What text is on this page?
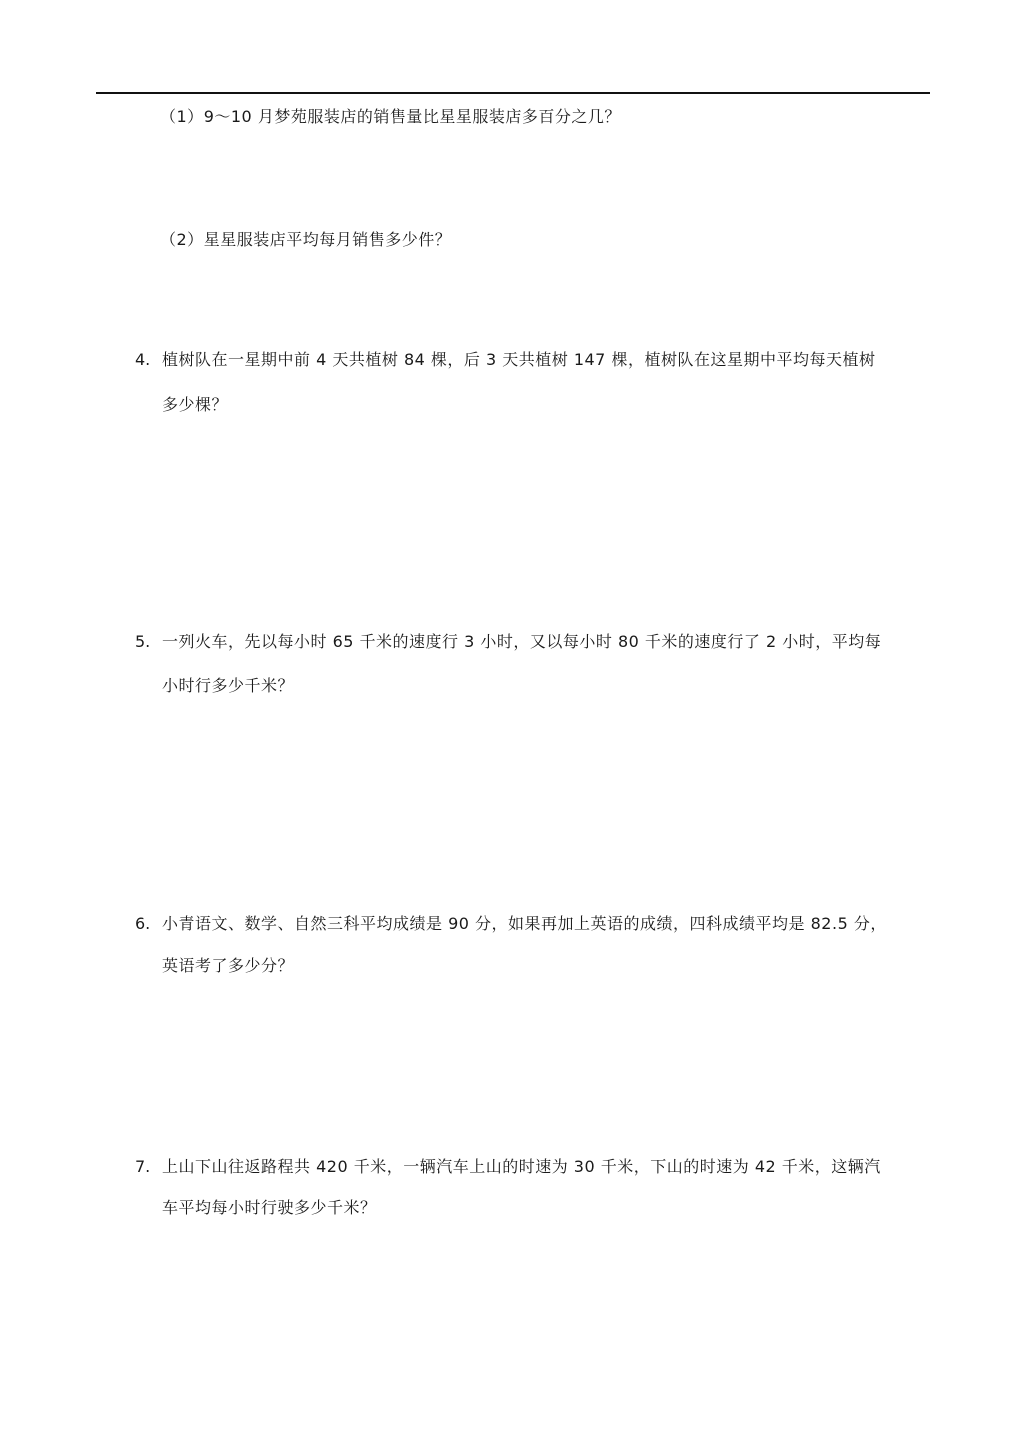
（1）9～10 月梦苑服装店的销售量比星星服装店多百分之几？
（2）星星服装店平均每月销售多少件？
4. 植树队在一星期中前 4 天共植树 84 棵，后 3 天共植树 147 棵，植树队在这星期中平均每天植树
多少棵？
5. 一列火车，先以每小时 65 千米的速度行 3 小时，又以每小时 80 千米的速度行了 2 小时，平均每
小时行多少千米？
6. 小青语文、数学、自然三科平均成绩是 90 分，如果再加上英语的成绩，四科成绩平均是 82.5 分，
英语考了多少分？
7. 上山下山往返路程共 420 千米，一辆汽车上山的时速为 30 千米，下山的时速为 42 千米，这辆汽
车平均每小时行驶多少千米？
